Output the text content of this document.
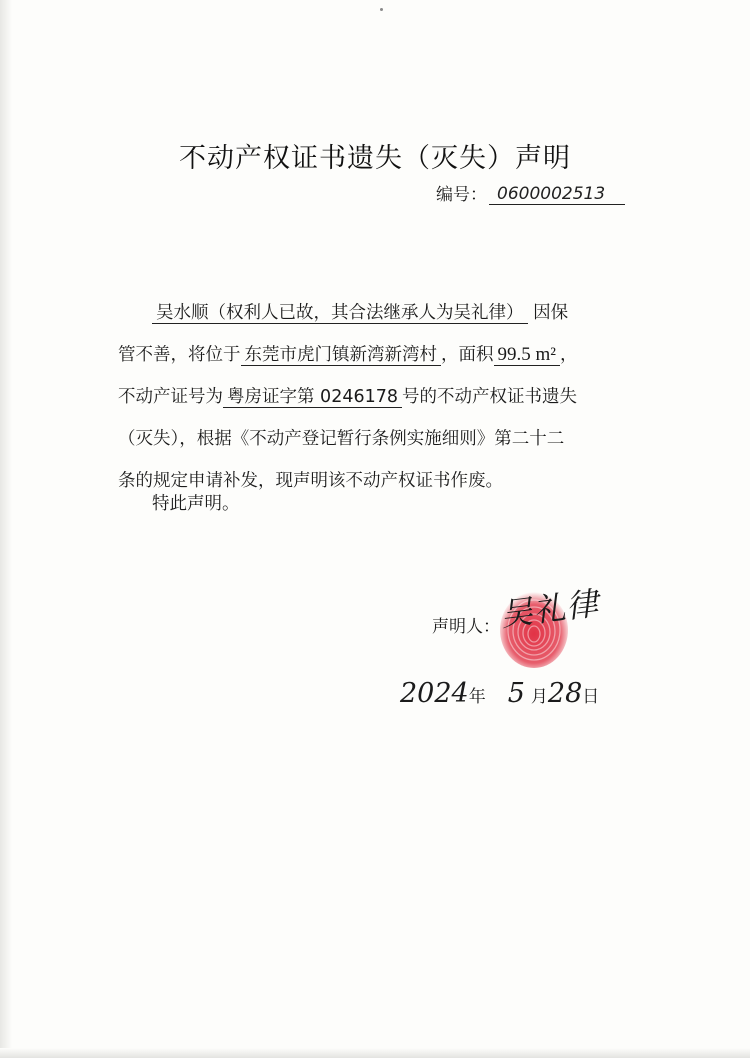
不动产权证书遗失（灭失）声明
编号： 0600002513
吴水顺（权利人已故，其合法继承人为吴礼律） 因保
管不善，将位于 东莞市虎门镇新湾新湾村 ，面积 99.5 m² ，
不动产证号为 粤房证字第 0246178 号的不动产权证书遗失
（灭失），根据《不动产登记暂行条例实施细则》第二十二
条的规定申请补发，现声明该不动产权证书作废。
特此声明。
声明人：
吴礼律
2024 年 5 月 28 日
